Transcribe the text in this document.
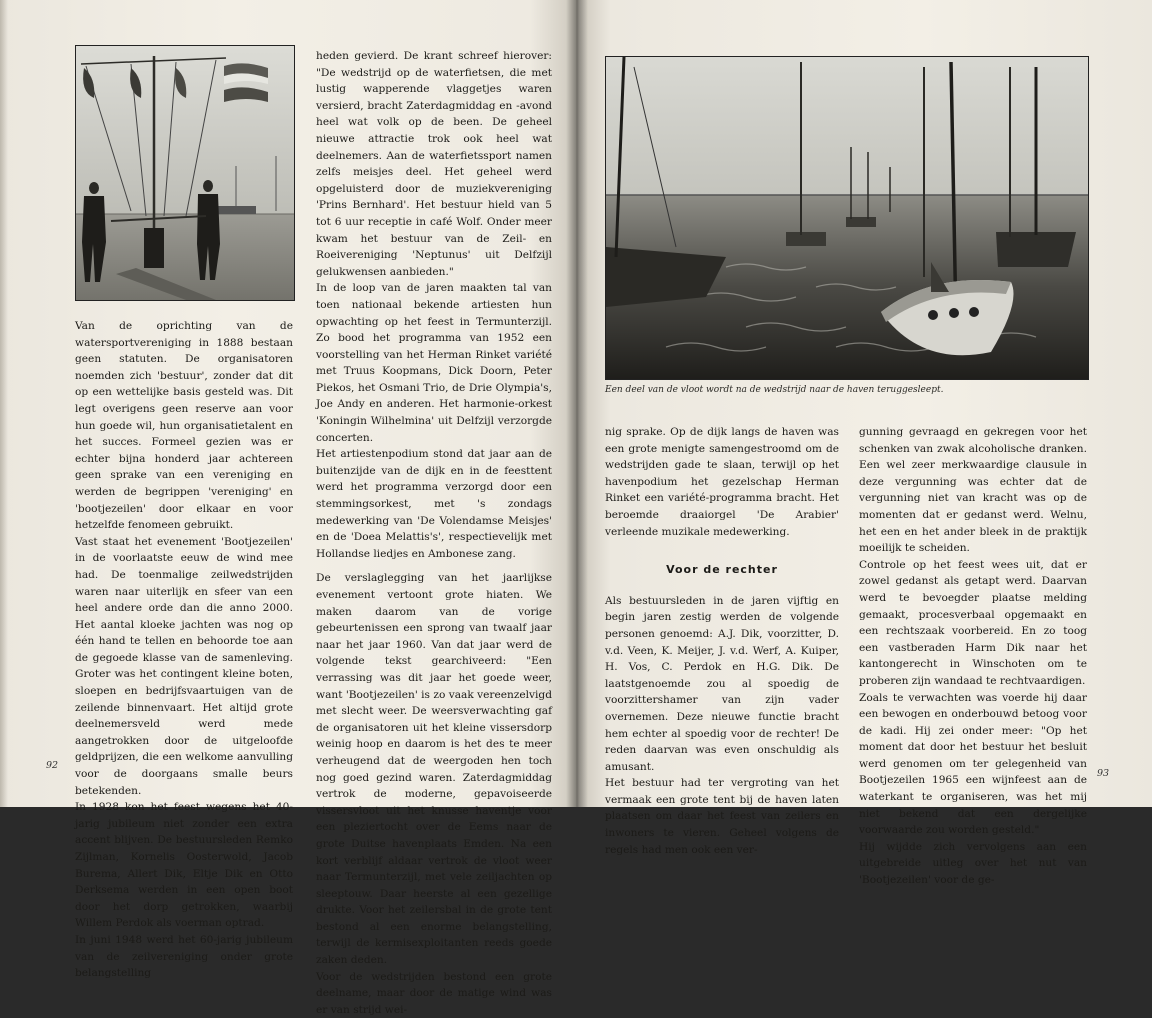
Van de oprichting van de watersportvereniging in 1888 bestaan geen statuten. De organisatoren noemden zich 'bestuur', zonder dat dit op een wettelijke basis gesteld was. Dit legt overigens geen reserve aan voor hun goede wil, hun organisatietalent en het succes. Formeel gezien was er echter bijna honderd jaar achtereen geen sprake van een vereniging en werden de begrippen 'vereniging' en 'bootjezeilen' door elkaar en voor hetzelfde fenomeen gebruikt.

Vast staat het evenement 'Bootjezeilen' in de voorlaatste eeuw de wind mee had. De toenmalige zeilwedstrijden waren naar uiterlijk en sfeer van een heel andere orde dan die anno 2000. Het aantal kloeke jachten was nog op één hand te tellen en behoorde toe aan de gegoede klasse van de samenleving. Groter was het contingent kleine boten, sloepen en bedrijfsvaartuigen van de zeilende binnenvaart. Het altijd grote deelnemersveld werd mede aangetrokken door de uitgeloofde geldprijzen, die een welkome aanvulling voor de doorgaans smalle beurs betekenden.

In 1928 kon het feest wegens het 40-jarig jubileum niet zonder een extra accent blijven. De bestuursleden Remko Zijlman, Kornelis Oosterwold, Jacob Burema, Allert Dik, Eltje Dik en Otto Derksema werden in een open boot door het dorp getrokken, waarbij Willem Perdok als voerman optrad.

In juni 1948 werd het 60-jarig jubileum van de zeilvereniging onder grote belangstelling

heden gevierd. De krant schreef hierover: "De wedstrijd op de waterfietsen, die met lustig wapperende vlaggetjes waren versierd, bracht Zaterdagmiddag en -avond heel wat volk op de been. De geheel nieuwe attractie trok ook heel wat deelnemers. Aan de waterfietssport namen zelfs meisjes deel. Het geheel werd opgeluisterd door de muziekvereniging 'Prins Bernhard'. Het bestuur hield van 5 tot 6 uur receptie in café Wolf. Onder meer kwam het bestuur van de Zeil- en Roeivereniging 'Neptunus' uit Delfzijl gelukwensen aanbieden."

In de loop van de jaren maakten tal van toen nationaal bekende artiesten hun opwachting op het feest in Termunterzijl. Zo bood het programma van 1952 een voorstelling van het Herman Rinket variété met Truus Koopmans, Dick Doorn, Peter Piekos, het Osmani Trio, de Drie Olympia's, Joe Andy en anderen. Het harmonie-orkest 'Koningin Wilhelmina' uit Delfzijl verzorgde concerten.

Het artiestenpodium stond dat jaar aan de buitenzijde van de dijk en in de feesttent werd het programma verzorgd door een stemmingsorkest, met 's zondags medewerking van 'De Volendamse Meisjes' en de 'Doea Melattis's', respectievelijk met Hollandse liedjes en Ambonese zang.

De verslaglegging van het jaarlijkse evenement vertoont grote hiaten. We maken daarom van de vorige gebeurtenissen een sprong van twaalf jaar naar het jaar 1960. Van dat jaar werd de volgende tekst gearchiveerd: "Een verrassing was dit jaar het goede weer, want 'Bootjezeilen' is zo vaak vereenzelvigd met slecht weer. De weersverwachting gaf de organisatoren uit het kleine vissersdorp weinig hoop en daarom is het des te meer verheugend dat de weergoden hen toch nog goed gezind waren. Zaterdagmiddag vertrok de moderne, gepavoiseerde vissersvloot uit het knusse haventje voor een pleziertocht over de Eems naar de grote Duitse havenplaats Emden. Na een kort verblijf aldaar vertrok de vloot weer naar Termunterzijl, met vele zeiljachten op sleeptouw. Daar heerste al een gezellige drukte. Voor het zeilersbal in de grote tent bestond al een enorme belangstelling, terwijl de kermisexploitanten reeds goede zaken deden.

Voor de wedstrijden bestond een grote deelname, maar door de matige wind was er van strijd wei-

92
Een deel van de vloot wordt na de wedstrijd naar de haven teruggesleept.

nig sprake. Op de dijk langs de haven was een grote menigte samengestroomd om de wedstrijden gade te slaan, terwijl op het havenpodium het gezelschap Herman Rinket een variété-programma bracht. Het beroemde draaiorgel 'De Arabier' verleende muzikale medewerking.

Voor de rechter

Als bestuursleden in de jaren vijftig en begin jaren zestig werden de volgende personen genoemd: A.J. Dik, voorzitter, D. v.d. Veen, K. Meijer, J. v.d. Werf, A. Kuiper, H. Vos, C. Perdok en H.G. Dik. De laatstgenoemde zou al spoedig de voorzittershamer van zijn vader overnemen. Deze nieuwe functie bracht hem echter al spoedig voor de rechter! De reden daarvan was even onschuldig als amusant.

Het bestuur had ter vergroting van het vermaak een grote tent bij de haven laten plaatsen om daar het feest van zeilers en inwoners te vieren. Geheel volgens de regels had men ook een ver-

gunning gevraagd en gekregen voor het schenken van zwak alcoholische dranken. Een wel zeer merkwaardige clausule in deze vergunning was echter dat de vergunning niet van kracht was op de momenten dat er gedanst werd. Welnu, het een en het ander bleek in de praktijk moeilijk te scheiden.

Controle op het feest wees uit, dat er zowel gedanst als getapt werd. Daarvan werd te bevoegder plaatse melding gemaakt, procesverbaal opgemaakt en een rechtszaak voorbereid. En zo toog een vastberaden Harm Dik naar het kantongerecht in Winschoten om te proberen zijn wandaad te rechtvaardigen.

Zoals te verwachten was voerde hij daar een bewogen en onderbouwd betoog voor de kadi. Hij zei onder meer: "Op het moment dat door het bestuur het besluit werd genomen om ter gelegenheid van Bootjezeilen 1965 een wijnfeest aan de waterkant te organiseren, was het mij niet bekend dat een dergelijke voorwaarde zou worden gesteld."

Hij wijdde zich vervolgens aan een uitgebreide uitleg over het nut van 'Bootjezeilen' voor de ge-

93
